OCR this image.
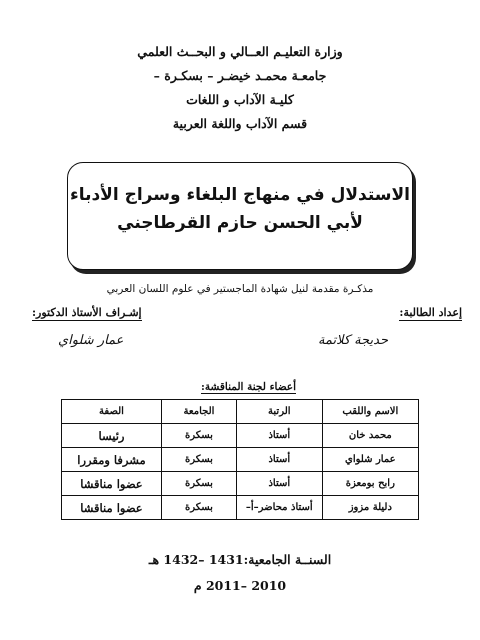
وزارة التعليـم العــالي و البحــث العلمي
جامعـة محمـد خيضـر – بسكـرة –
كليـة الآداب و اللغات
قسم الآداب واللغة العربية
الاستدلال في منهاج البلغاء وسراج الأدباء
لأبي الحسن حازم القرطاجني
مذكـرة مقدمة لنيل شهادة الماجستير في علوم اللسان العربي
إعداد الطالبة:
إشـراف الأستاذ الدكتور:
حديجة كلاتمة
عمار شلواي
أعضاء لجنة المناقشة:
الاسم واللقب	الرتبة	الجامعة	الصفة
محمد خان	أستاذ	بسكرة	رئيسا
عمار شلواي	أستاذ	بسكرة	مشرفا ومقررا
رابح بومعزة	أستاذ	بسكرة	عضوا مناقشا
دليلة مزوز	أستاذ محاضر–أ–	بسكرة	عضوا مناقشا
السنــة الجامعية:1431 –1432 هـ
2010 –2011 م
